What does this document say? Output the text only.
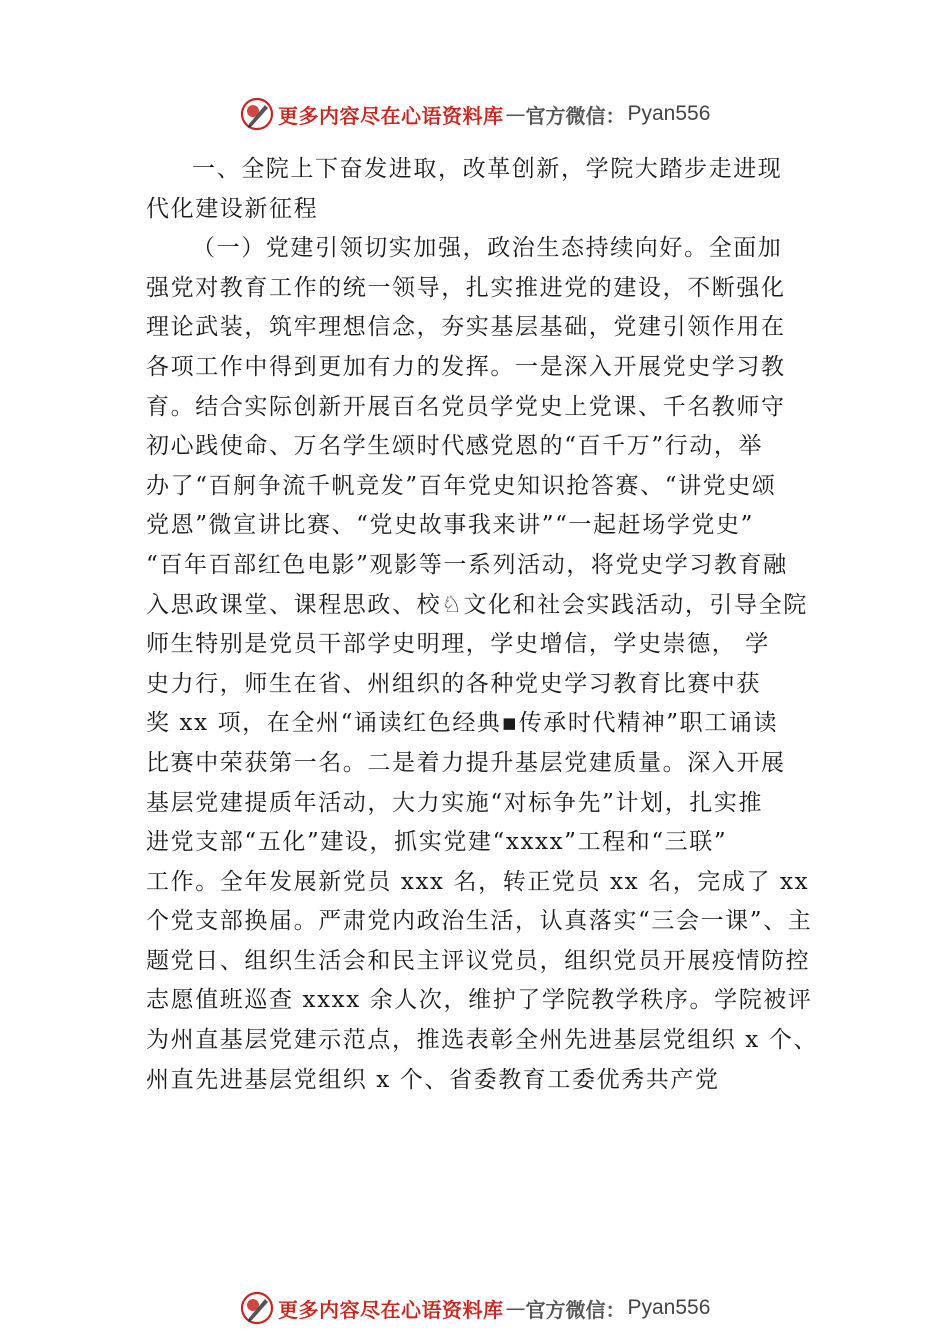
更多内容尽在心语资料库 — 官方微信： Pyan556
一、全院上下奋发进取，改革创新，学院大踏步走进现
代化建设新征程
（一）党建引领切实加强，政治生态持续向好。全面加
强党对教育工作的统一领导，扎实推进党的建设，不断强化
理论武装，筑牢理想信念，夯实基层基础，党建引领作用在
各项工作中得到更加有力的发挥。一是深入开展党史学习教
育。结合实际创新开展百名党员学党史上党课、千名教师守
初心践使命、万名学生颂时代感党恩的“百千万”行动，举
办了“百舸争流千帆竞发”百年党史知识抢答赛、“讲党史颂
党恩”微宣讲比赛、“党史故事我来讲”“一起赶场学党史”
“百年百部红色电影”观影等一系列活动，将党史学习教育融
入思政课堂、课程思政、校♘文化和社会实践活动，引导全院
师生特别是党员干部学史明理，学史增信，学史崇德， 学
史力行，师生在省、州组织的各种党史学习教育比赛中获
奖 xx 项，在全州“诵读红色经典▪传承时代精神”职工诵读
比赛中荣获第一名。二是着力提升基层党建质量。深入开展
基层党建提质年活动，大力实施“对标争先”计划，扎实推
进党支部“五化”建设，抓实党建“xxxx”工程和“三联”
工作。全年发展新党员 xxx 名，转正党员 xx 名，完成了 xx
个党支部换届。严肃党内政治生活，认真落实“三会一课”、主
题党日、组织生活会和民主评议党员，组织党员开展疫情防控
志愿值班巡查 xxxx 余人次，维护了学院教学秩序。学院被评
为州直基层党建示范点，推选表彰全州先进基层党组织 x 个、
州直先进基层党组织 x 个、省委教育工委优秀共产党
更多内容尽在心语资料库 — 官方微信： Pyan556
